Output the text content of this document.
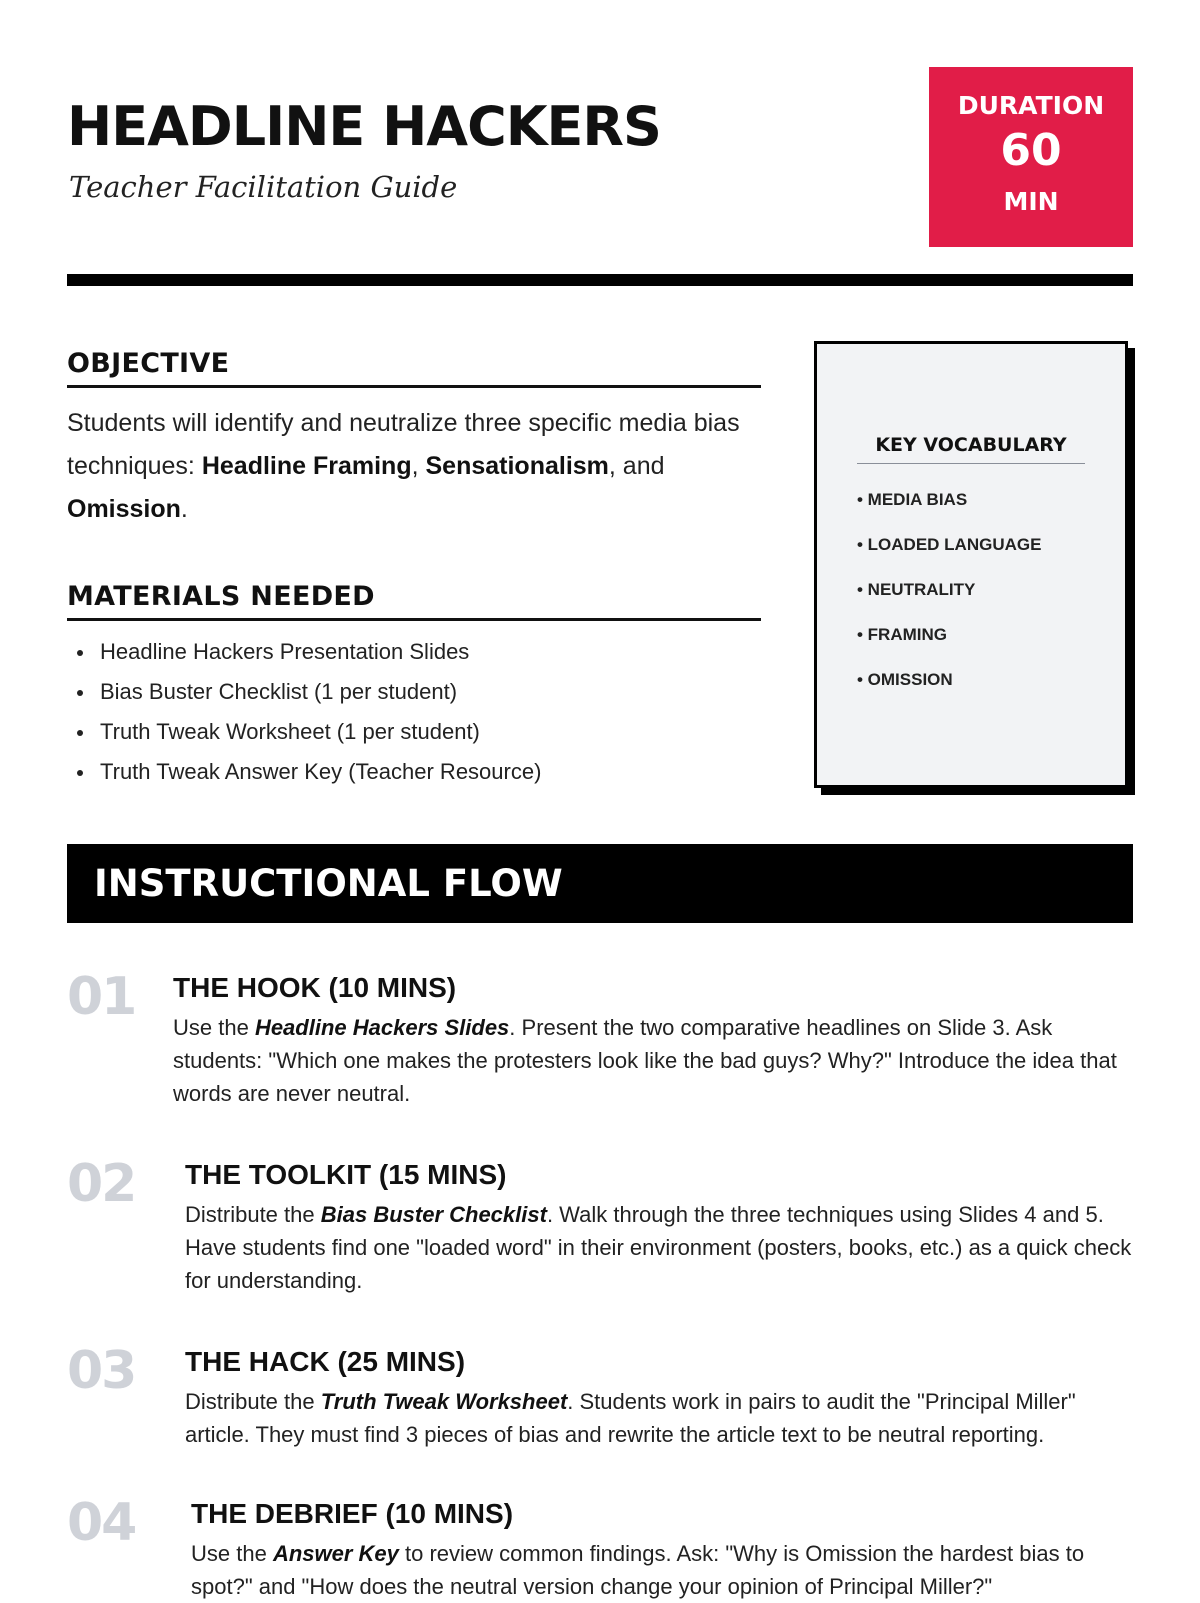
HEADLINE HACKERS

Teacher Facilitation Guide

DURATION
60
MIN
OBJECTIVE

Students will identify and neutralize three specific media bias techniques: Headline Framing, Sensationalism, and Omission.

MATERIALS NEEDED
Headline Hackers Presentation Slides
Bias Buster Checklist (1 per student)
Truth Tweak Worksheet (1 per student)
Truth Tweak Answer Key (Teacher Resource)
KEY VOCABULARY
• MEDIA BIAS
• LOADED LANGUAGE
• NEUTRALITY
• FRAMING
• OMISSION
INSTRUCTIONAL FLOW
01 THE HOOK (10 MINS)

Use the Headline Hackers Slides. Present the two comparative headlines on Slide 3. Ask students: "Which one makes the protesters look like the bad guys? Why?" Introduce the idea that words are never neutral.

02 THE TOOLKIT (15 MINS)

Distribute the Bias Buster Checklist. Walk through the three techniques using Slides 4 and 5. Have students find one "loaded word" in their environment (posters, books, etc.) as a quick check for understanding.

03 THE HACK (25 MINS)

Distribute the Truth Tweak Worksheet. Students work in pairs to audit the "Principal Miller" article. They must find 3 pieces of bias and rewrite the article text to be neutral reporting.

04 THE DEBRIEF (10 MINS)

Use the Answer Key to review common findings. Ask: "Why is Omission the hardest bias to spot?" and "How does the neutral version change your opinion of Principal Miller?"
